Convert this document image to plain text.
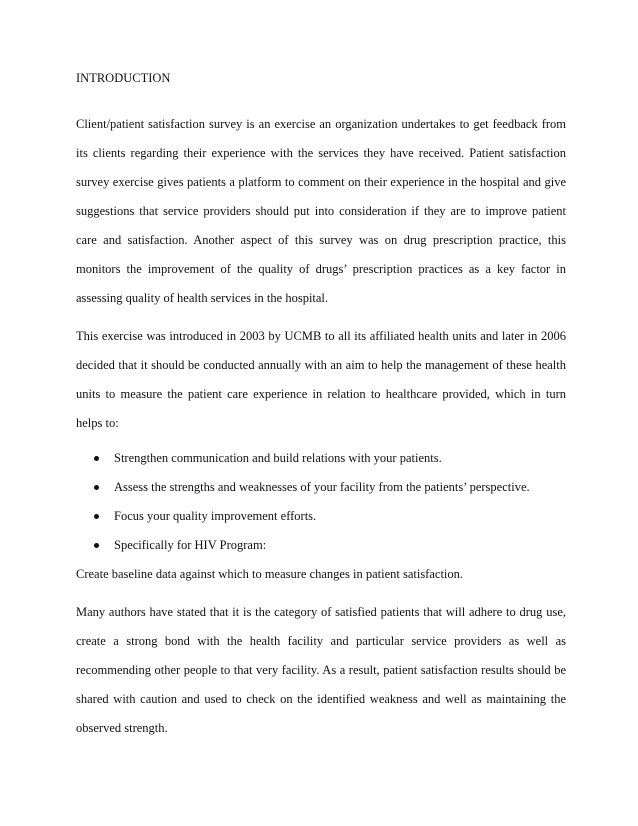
INTRODUCTION

Client/patient satisfaction survey is an exercise an organization undertakes to get feedback from its clients regarding their experience with the services they have received. Patient satisfaction survey exercise gives patients a platform to comment on their experience in the hospital and give suggestions that service providers should put into consideration if they are to improve patient care and satisfaction. Another aspect of this survey was on drug prescription practice, this monitors the improvement of the quality of drugs’ prescription practices as a key factor in assessing quality of health services in the hospital.

This exercise was introduced in 2003 by UCMB to all its affiliated health units and later in 2006 decided that it should be conducted annually with an aim to help the management of these health units to measure the patient care experience in relation to healthcare provided, which in turn helps to:

Strengthen communication and build relations with your patients.
Assess the strengths and weaknesses of your facility from the patients’ perspective.
Focus your quality improvement efforts.
Specifically for HIV Program:

Create baseline data against which to measure changes in patient satisfaction.

Many authors have stated that it is the category of satisfied patients that will adhere to drug use, create a strong bond with the health facility and particular service providers as well as recommending other people to that very facility. As a result, patient satisfaction results should be shared with caution and used to check on the identified weakness and well as maintaining the observed strength.
